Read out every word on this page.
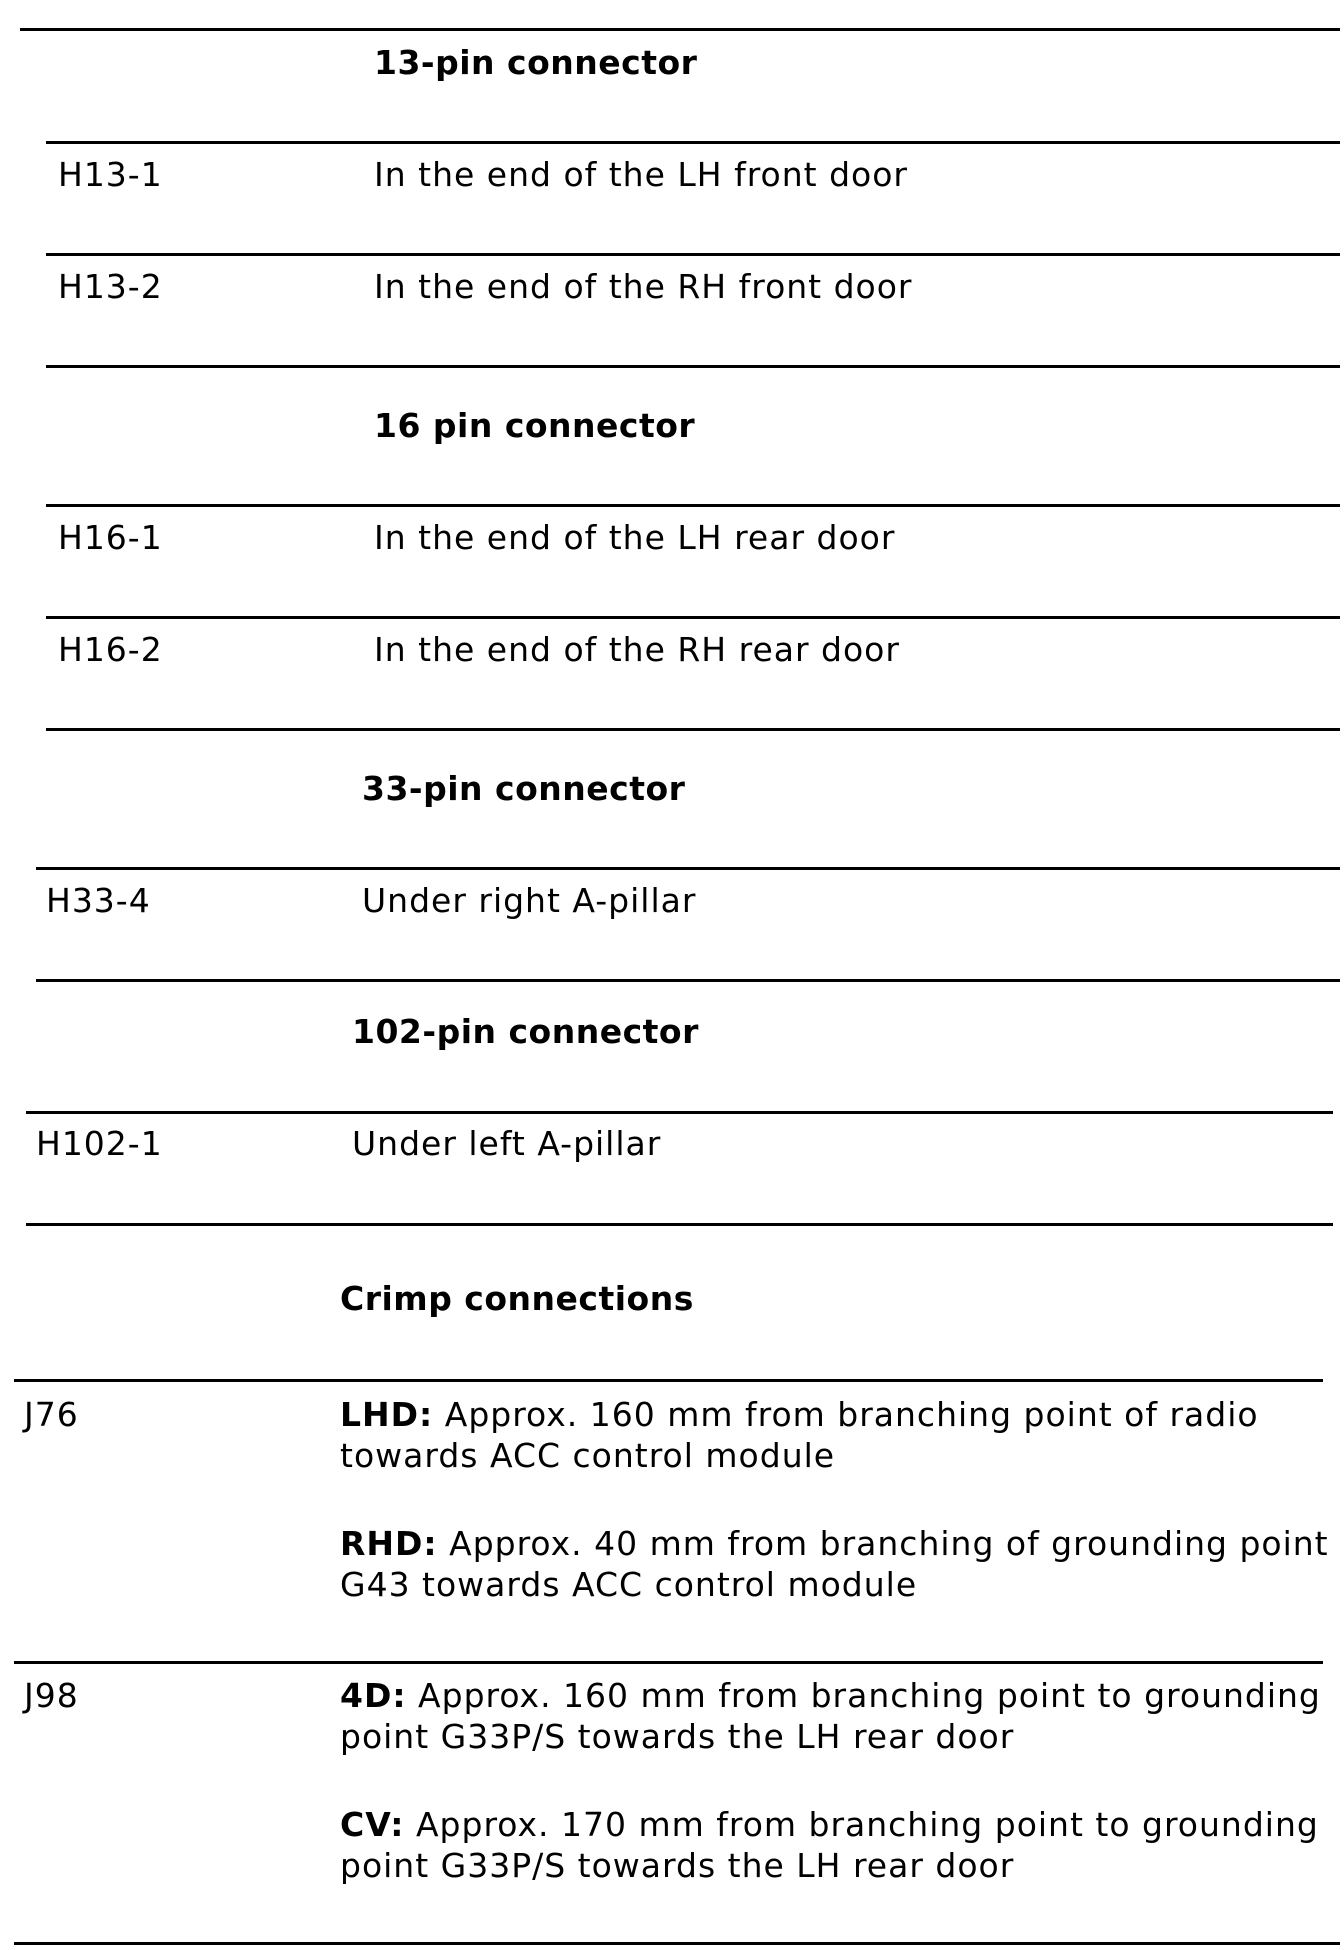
13-pin connector
H13-1	In the end of the LH front door
H13-2	In the end of the RH front door
16 pin connector
H16-1	In the end of the LH rear door
H16-2	In the end of the RH rear door
33-pin connector
H33-4	Under right A-pillar
102-pin connector
H102-1	Under left A-pillar
Crimp connections
J76	LHD: Approx. 160 mm from branching point of radio
towards ACC control module
RHD: Approx. 40 mm from branching of grounding point
G43 towards ACC control module
J98	4D: Approx. 160 mm from branching point to grounding
point G33P/S towards the LH rear door
CV: Approx. 170 mm from branching point to grounding
point G33P/S towards the LH rear door
